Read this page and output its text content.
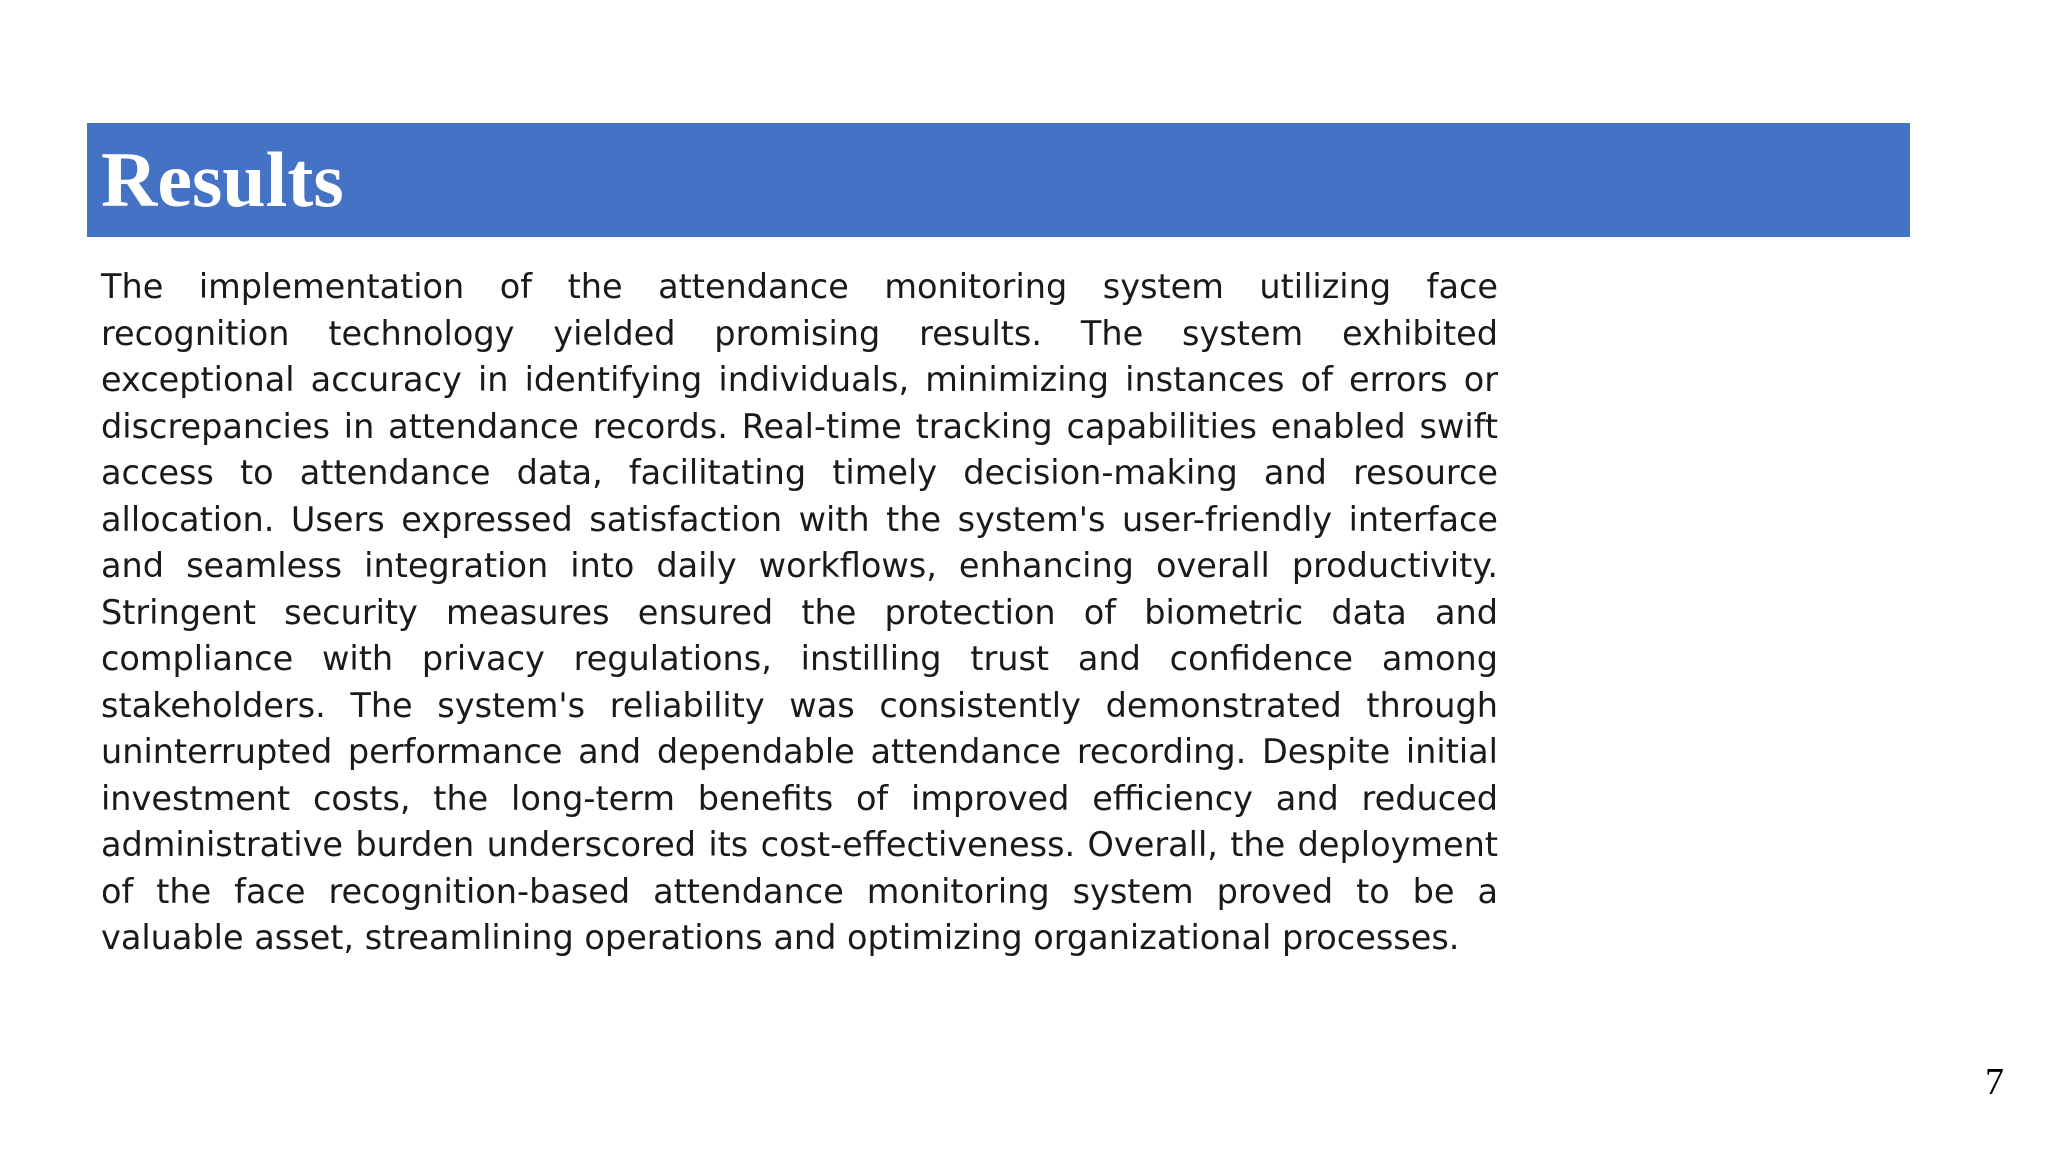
Results

The implementation of the attendance monitoring system utilizing face recognition technology yielded promising results. The system exhibited exceptional accuracy in identifying individuals, minimizing instances of errors or discrepancies in attendance records. Real-time tracking capabilities enabled swift access to attendance data, facilitating timely decision-making and resource allocation. Users expressed satisfaction with the system's user-friendly interface and seamless integration into daily workflows, enhancing overall productivity. Stringent security measures ensured the protection of biometric data and compliance with privacy regulations, instilling trust and confidence among stakeholders. The system's reliability was consistently demonstrated through uninterrupted performance and dependable attendance recording. Despite initial investment costs, the long-term benefits of improved efficiency and reduced administrative burden underscored its cost-effectiveness. Overall, the deployment of the face recognition-based attendance monitoring system proved to be a valuable asset, streamlining operations and optimizing organizational processes.

7
